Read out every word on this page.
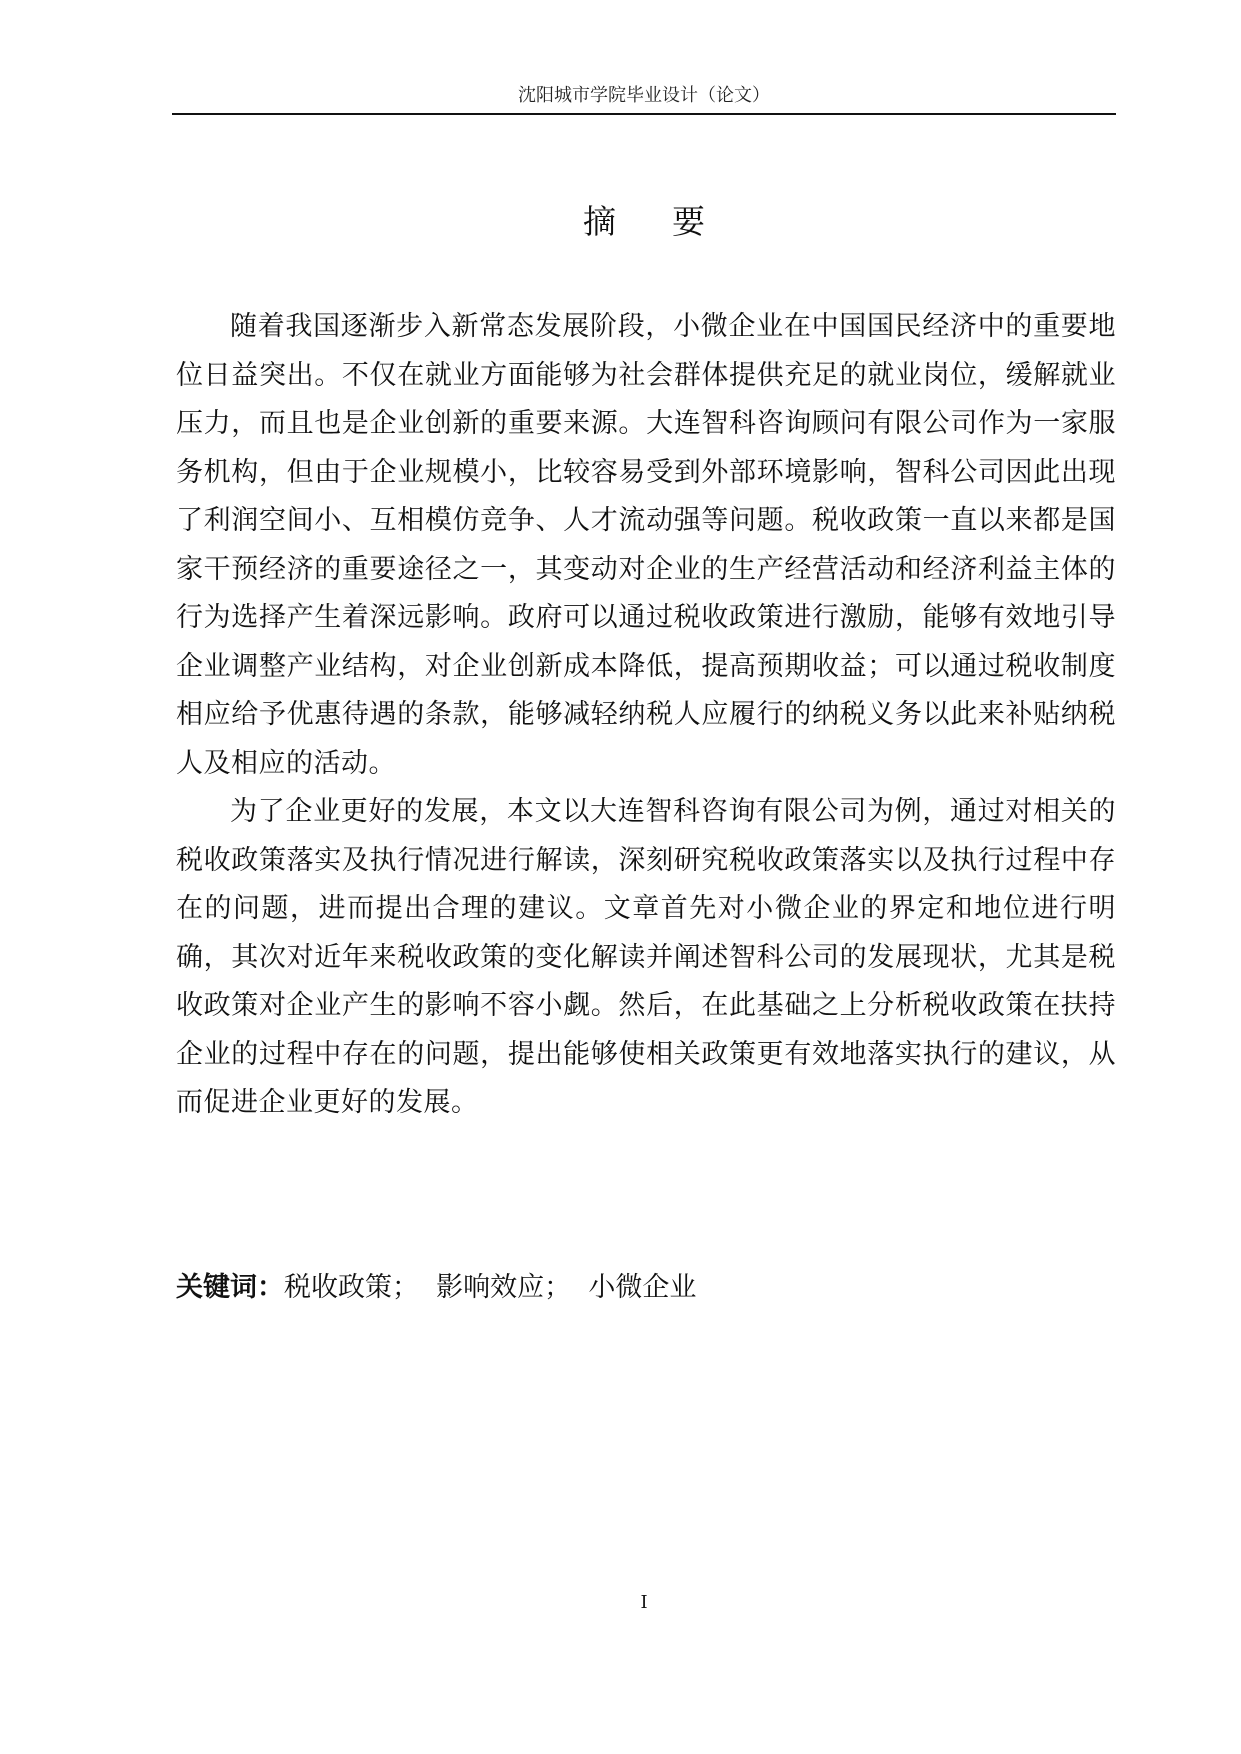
沈阳城市学院毕业设计（论文）
摘要

随着我国逐渐步入新常态发展阶段，小微企业在中国国民经济中的重要地位日益突出。不仅在就业方面能够为社会群体提供充足的就业岗位，缓解就业压力，而且也是企业创新的重要来源。大连智科咨询顾问有限公司作为一家服务机构，但由于企业规模小，比较容易受到外部环境影响，智科公司因此出现了利润空间小、互相模仿竞争、人才流动强等问题。税收政策一直以来都是国家干预经济的重要途径之一，其变动对企业的生产经营活动和经济利益主体的行为选择产生着深远影响。政府可以通过税收政策进行激励，能够有效地引导企业调整产业结构，对企业创新成本降低，提高预期收益；可以通过税收制度相应给予优惠待遇的条款，能够减轻纳税人应履行的纳税义务以此来补贴纳税人及相应的活动。

为了企业更好的发展，本文以大连智科咨询有限公司为例，通过对相关的税收政策落实及执行情况进行解读，深刻研究税收政策落实以及执行过程中存在的问题，进而提出合理的建议。文章首先对小微企业的界定和地位进行明确，其次对近年来税收政策的变化解读并阐述智科公司的发展现状，尤其是税收政策对企业产生的影响不容小觑。然后，在此基础之上分析税收政策在扶持企业的过程中存在的问题，提出能够使相关政策更有效地落实执行的建议，从而促进企业更好的发展。

关键词：税收政策；  影响效应；  小微企业
I
